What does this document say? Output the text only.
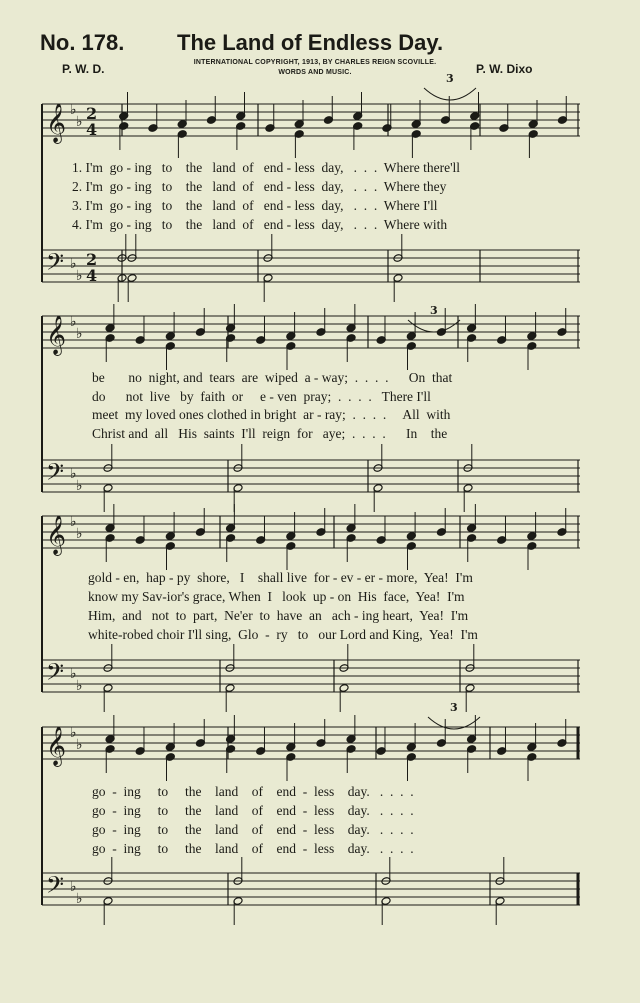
No. 178. The Land of Endless Day.
P. W. D.	INTERNATIONAL COPYRIGHT, 1913, BY CHARLES REIGN SCOVILLE.
WORDS AND MUSIC.	P. W. Dixo
𝄞
𝄢
♭
♭
♭
♭
2
4
2
4
𝄞
𝄢
♭
♭
♭
♭
𝄞
𝄢
♭
♭
♭
♭
𝄞
𝄢
♭
♭
♭
♭
3
3
3
1. I'm  go - ing   to    the   land  of   end - less  day,   .  .  .  Where there'll
2. I'm  go - ing   to    the   land  of   end - less  day,   .  .  .  Where they
3. I'm  go - ing   to    the   land  of   end - less  day,   .  .  .  Where I'll
4. I'm  go - ing   to    the   land  of   end - less  day,   .  .  .  Where with
be       no  night, and  tears  are  wiped  a - way;  .  .  .  .      On  that
do      not  live   by  faith  or     e - ven  pray;  .  .  .  .   There I'll
meet  my loved ones clothed in bright  ar - ray;  .  .  .  .     All  with
Christ and  all   His  saints  I'll  reign  for   aye;  .  .  .  .      In    the
gold - en,  hap - py  shore,   I    shall live  for - ev - er - more,  Yea!  I'm
know my Sav-ior's grace, When  I   look  up - on  His  face,  Yea!  I'm
Him,  and   not  to  part,  Ne'er  to  have  an   ach - ing heart,  Yea!  I'm
white-robed choir I'll sing,  Glo  -  ry   to   our Lord and King,  Yea!  I'm
go  -  ing     to     the    land    of    end  -  less    day.   .  .  .  .
go  -  ing     to     the    land    of    end  -  less    day.   .  .  .  .
go  -  ing     to     the    land    of    end  -  less    day.   .  .  .  .
go  -  ing     to     the    land    of    end  -  less    day.   .  .  .  .
